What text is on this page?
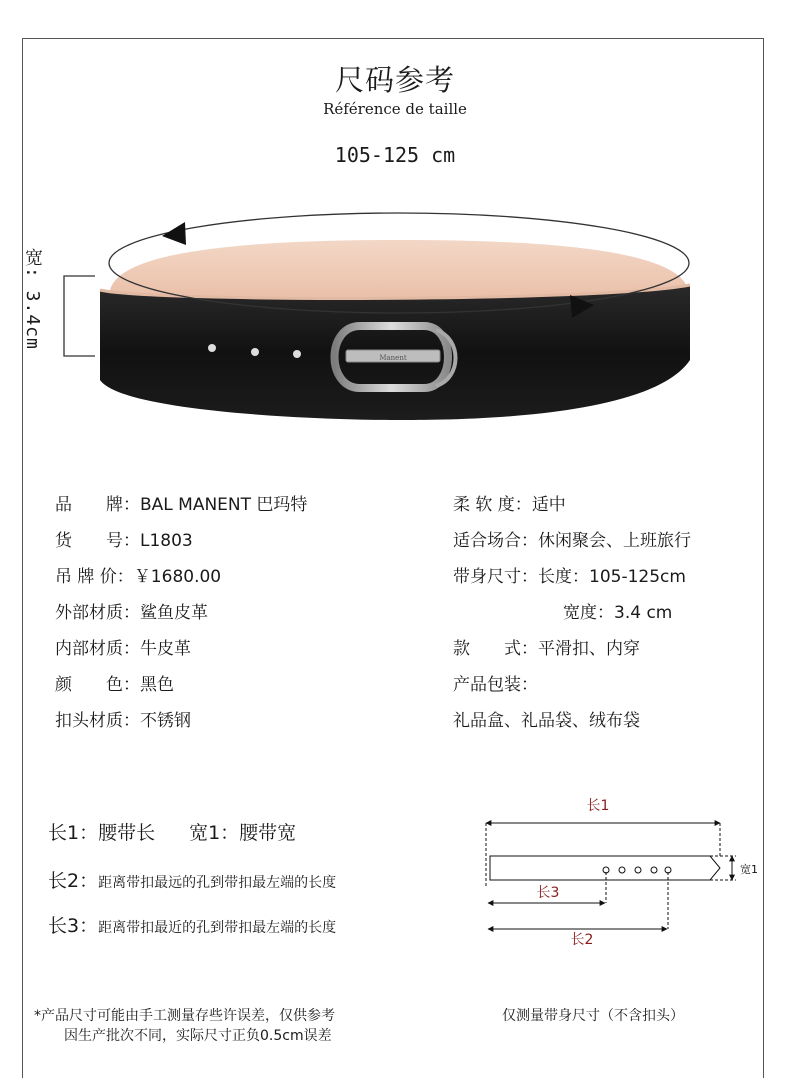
尺码参考
Référence de taille
105-125 cm
宽: 3.4cm
Manent
品　　牌：BAL MANENT 巴玛特
货　　号：L1803
吊 牌 价：￥1680.00
外部材质：鲨鱼皮革
内部材质：牛皮革
颜　　色：黑色
扣头材质：不锈钢
柔 软 度：适中
适合场合：休闲聚会、上班旅行
带身尺寸：长度：105-125cm
宽度：3.4 cm
款　　式：平滑扣、内穿
产品包装：
礼品盒、礼品袋、绒布袋
长1：腰带长 宽1：腰带宽
长2：距离带扣最远的孔到带扣最左端的长度
长3：距离带扣最近的孔到带扣最左端的长度
长1
宽1
长3
长2
仅测量带身尺寸（不含扣头）
*产品尺寸可能由手工测量存些许误差，仅供参考
因生产批次不同，实际尺寸正负0.5cm误差
